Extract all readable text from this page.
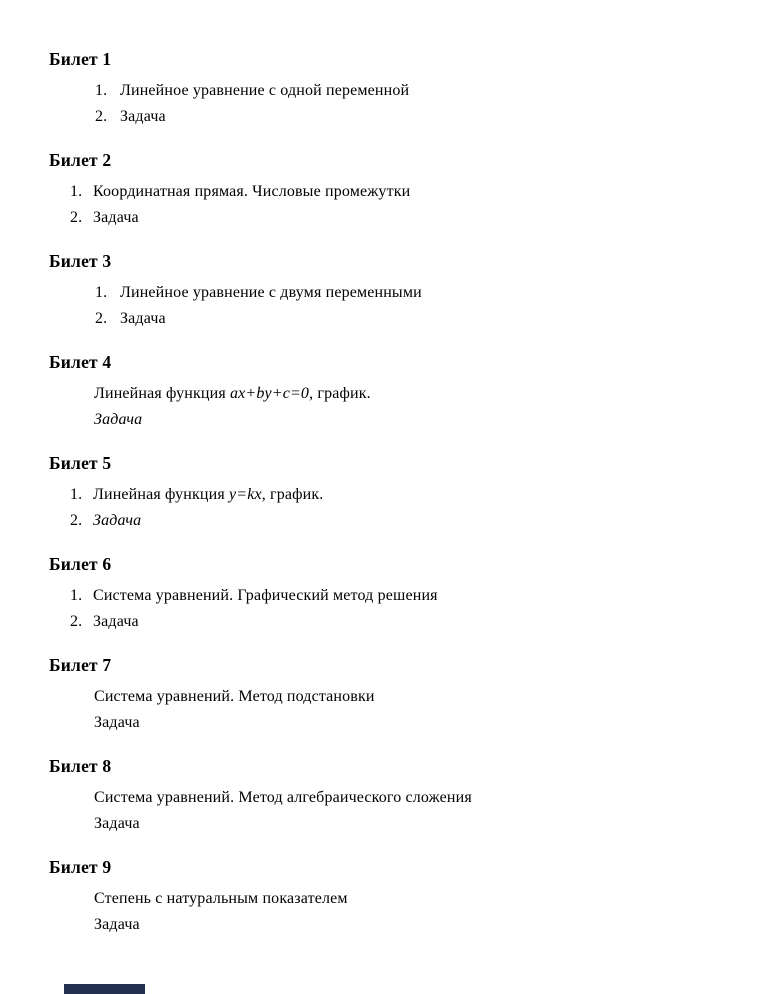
Билет 1

1. Линейное уравнение с одной переменной

2. Задача

Билет 2

1. Координатная прямая. Числовые промежутки

2. Задача

Билет 3

1. Линейное уравнение с двумя переменными

2. Задача

Билет 4

Линейная функция ax+by+c=0 , график.

Задача

Билет 5

1. Линейная функция y=kx , график.

2. Задача

Билет 6

1. Система уравнений. Графический метод решения

2. Задача

Билет 7

Система уравнений. Метод подстановки

Задача

Билет 8

Система уравнений. Метод алгебраического сложения

Задача

Билет 9

Степень с натуральным показателем

Задача
